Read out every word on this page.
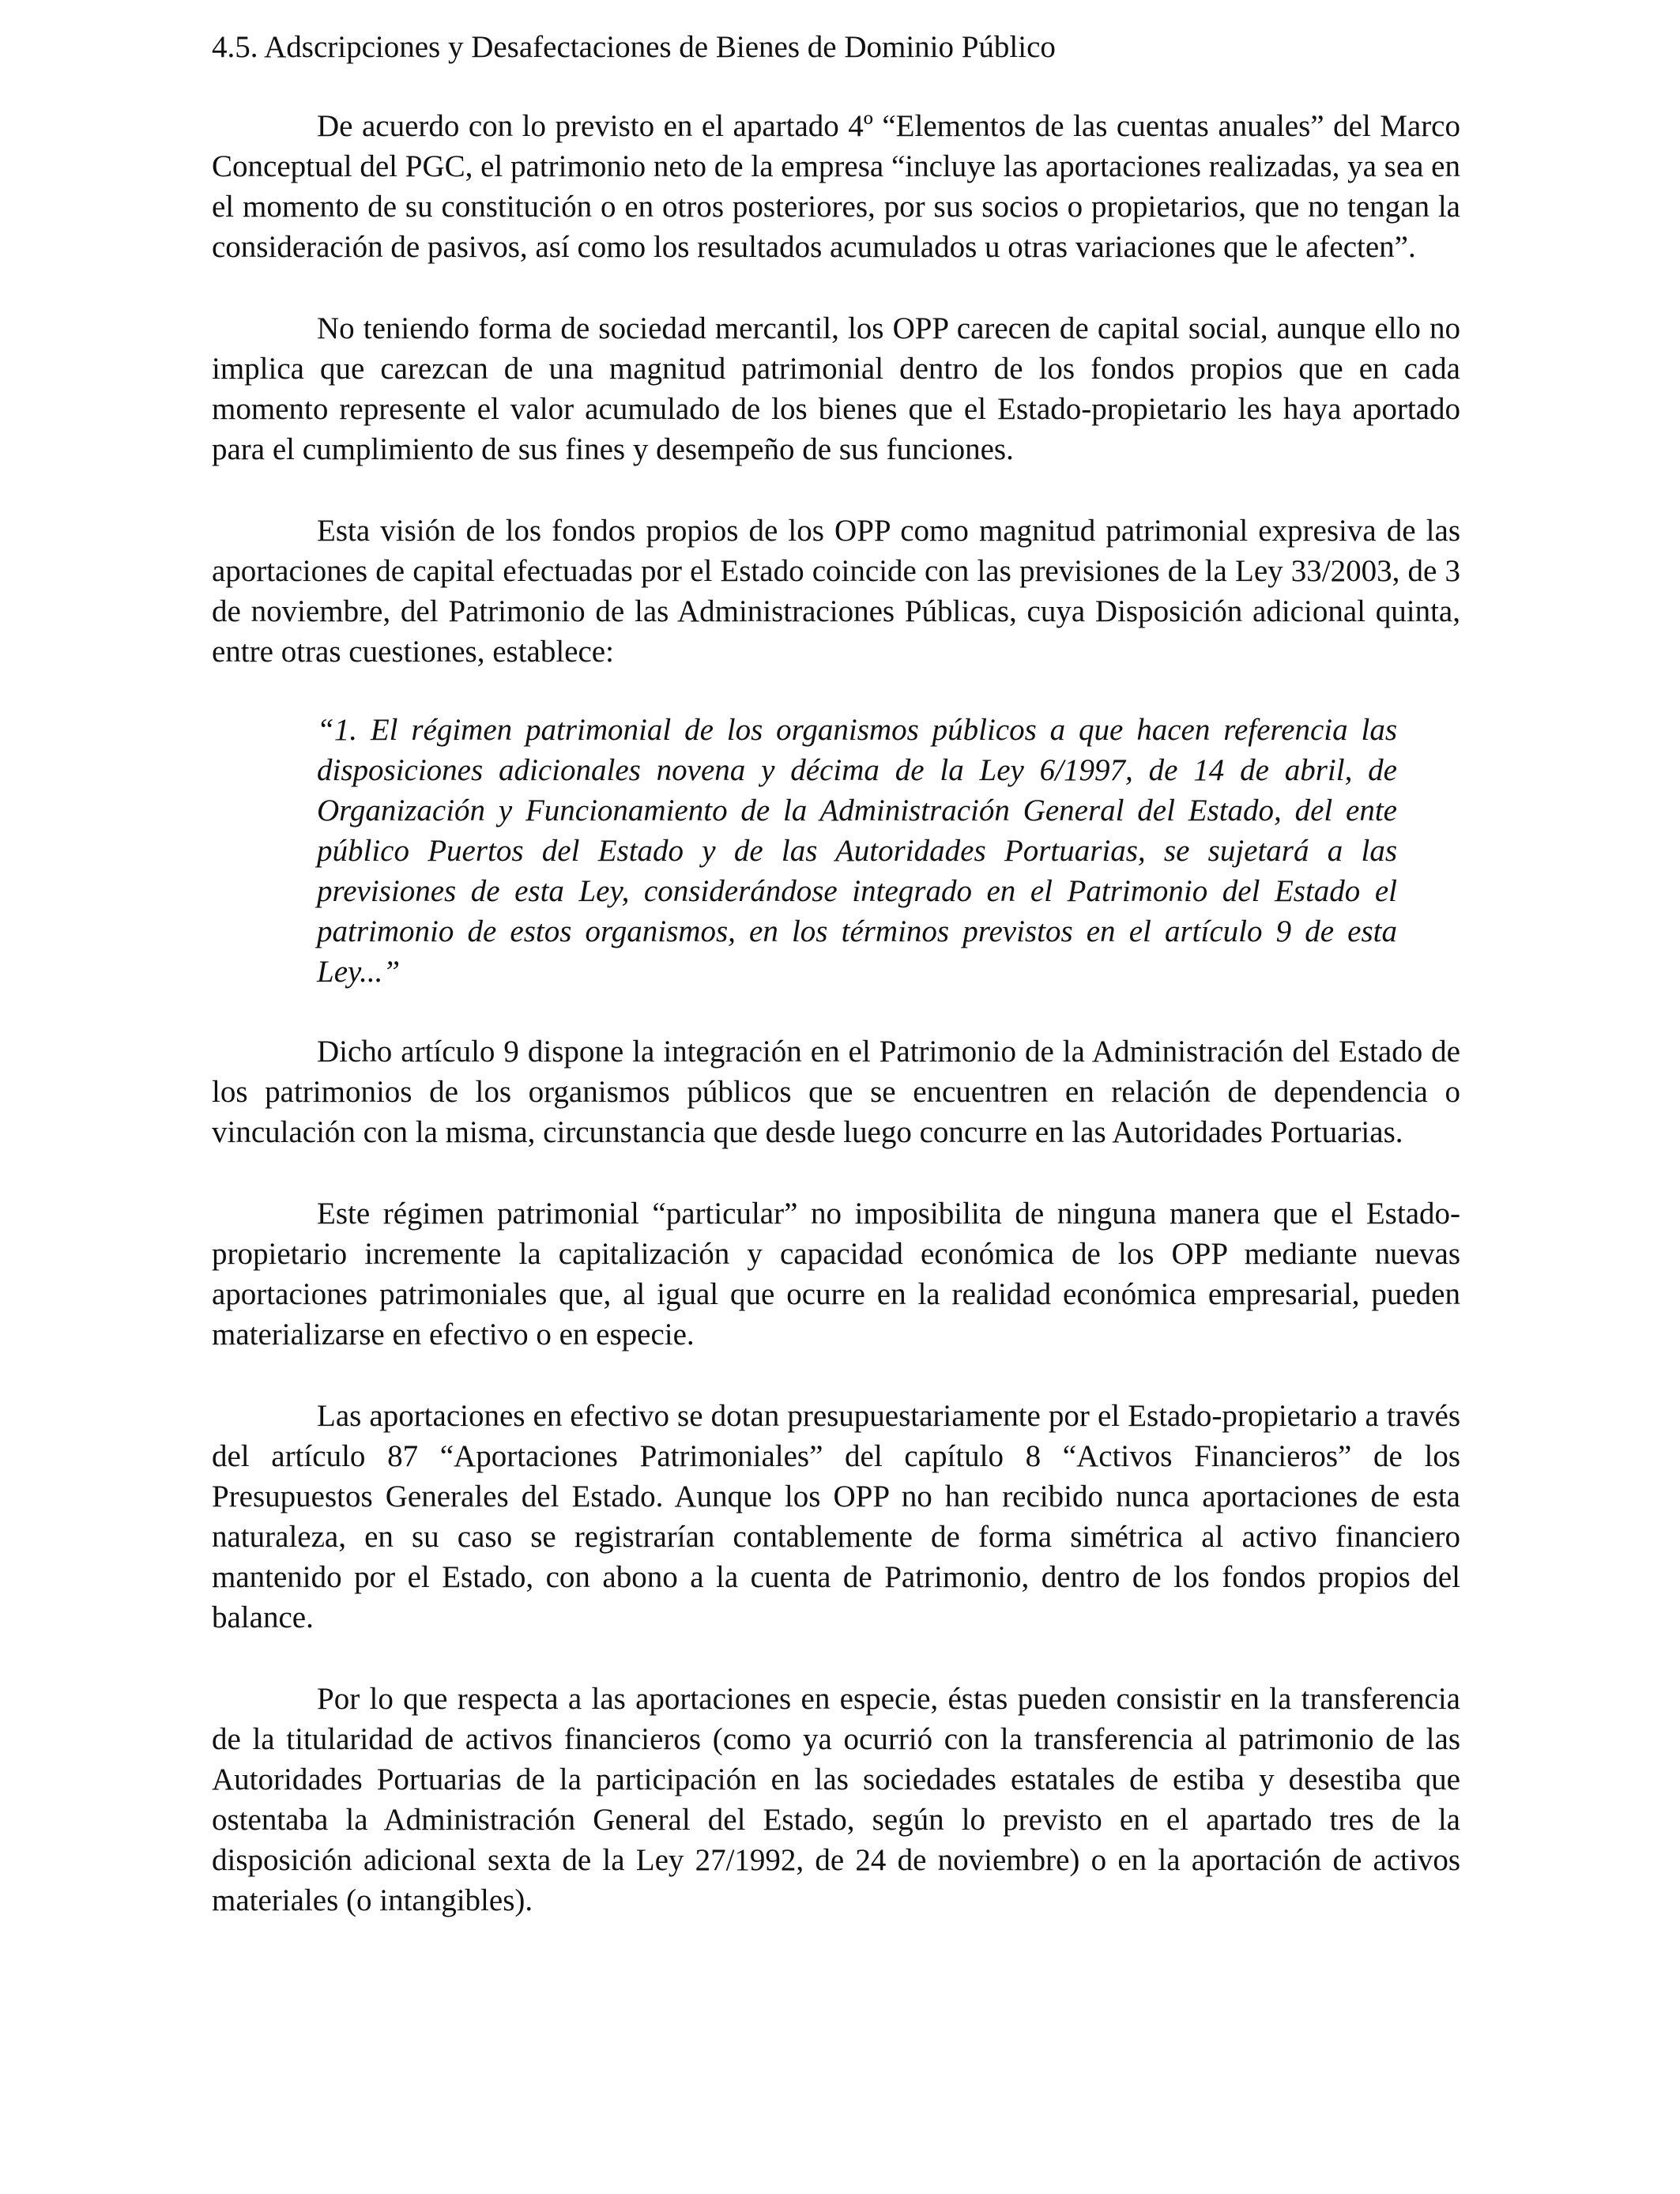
4.5. Adscripciones y Desafectaciones de Bienes de Dominio Público

De acuerdo con lo previsto en el apartado 4º “Elementos de las cuentas anuales” del Marco Conceptual del PGC, el patrimonio neto de la empresa “incluye las aportaciones realizadas, ya sea en el momento de su constitución o en otros posteriores, por sus socios o propietarios, que no tengan la consideración de pasivos, así como los resultados acumulados u otras variaciones que le afecten”.

No teniendo forma de sociedad mercantil, los OPP carecen de capital social, aunque ello no implica que carezcan de una magnitud patrimonial dentro de los fondos propios que en cada momento represente el valor acumulado de los bienes que el Estado-propietario les haya aportado para el cumplimiento de sus fines y desempeño de sus funciones.

Esta visión de los fondos propios de los OPP como magnitud patrimonial expresiva de las aportaciones de capital efectuadas por el Estado coincide con las previsiones de la Ley 33/2003, de 3 de noviembre, del Patrimonio de las Administraciones Públicas, cuya Disposición adicional quinta, entre otras cuestiones, establece:

“1. El régimen patrimonial de los organismos públicos a que hacen referencia las disposiciones adicionales novena y décima de la Ley 6/1997, de 14 de abril, de Organización y Funcionamiento de la Administración General del Estado, del ente público Puertos del Estado y de las Autoridades Portuarias, se sujetará a las previsiones de esta Ley, considerándose integrado en el Patrimonio del Estado el patrimonio de estos organismos, en los términos previstos en el artículo 9 de esta Ley...”

Dicho artículo 9 dispone la integración en el Patrimonio de la Administración del Estado de los patrimonios de los organismos públicos que se encuentren en relación de dependencia o vinculación con la misma, circunstancia que desde luego concurre en las Autoridades Portuarias.

Este régimen patrimonial “particular” no imposibilita de ninguna manera que el Estado-propietario incremente la capitalización y capacidad económica de los OPP mediante nuevas aportaciones patrimoniales que, al igual que ocurre en la realidad económica empresarial, pueden materializarse en efectivo o en especie.

Las aportaciones en efectivo se dotan presupuestariamente por el Estado-propietario a través del artículo 87 “Aportaciones Patrimoniales” del capítulo 8 “Activos Financieros” de los Presupuestos Generales del Estado. Aunque los OPP no han recibido nunca aportaciones de esta naturaleza, en su caso se registrarían contablemente de forma simétrica al activo financiero mantenido por el Estado, con abono a la cuenta de Patrimonio, dentro de los fondos propios del balance.

Por lo que respecta a las aportaciones en especie, éstas pueden consistir en la transferencia de la titularidad de activos financieros (como ya ocurrió con la transferencia al patrimonio de las Autoridades Portuarias de la participación en las sociedades estatales de estiba y desestiba que ostentaba la Administración General del Estado, según lo previsto en el apartado tres de la disposición adicional sexta de la Ley 27/1992, de 24 de noviembre) o en la aportación de activos materiales (o intangibles).
